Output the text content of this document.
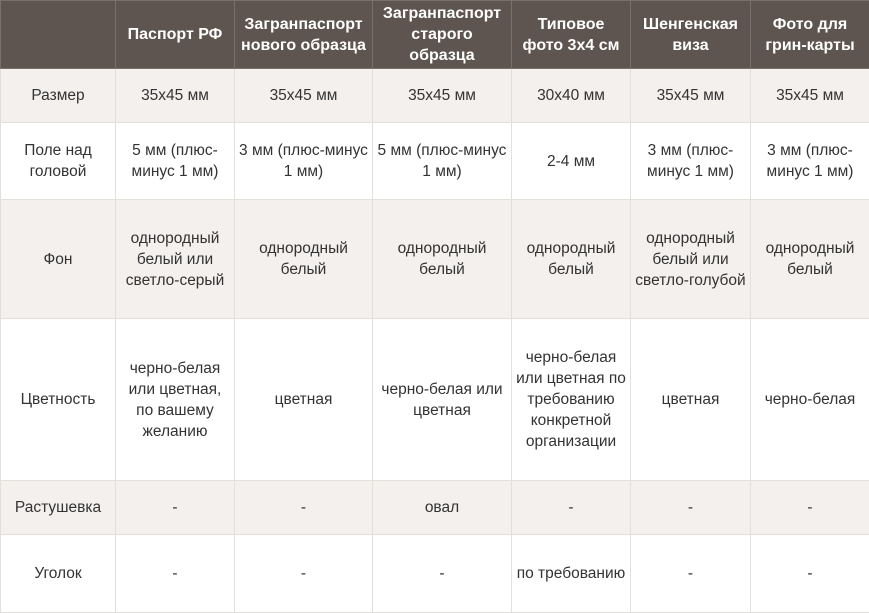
	Паспорт РФ	Загранпаспорт нового образца	Загранпаспорт старого образца	Типовое фото 3х4 см	Шенгенская виза	Фото для грин-карты
Размер	35х45 мм	35х45 мм	35х45 мм	30х40 мм	35х45 мм	35х45 мм
Поле над головой	5 мм (плюс-минус 1 мм)	3 мм (плюс-минус 1 мм)	5 мм (плюс-минус 1 мм)	2-4 мм	3 мм (плюс-минус 1 мм)	3 мм (плюс-минус 1 мм)
Фон	однородный белый или светло-серый	однородный белый	однородный белый	однородный белый	однородный белый или светло-голубой	однородный белый
Цветность	черно-белая или цветная, по вашему желанию	цветная	черно-белая или цветная	черно-белая или цветная по требованию конкретной организации	цветная	черно-белая
Растушевка	-	-	овал	-	-	-
Уголок	-	-	-	по требованию	-	-
